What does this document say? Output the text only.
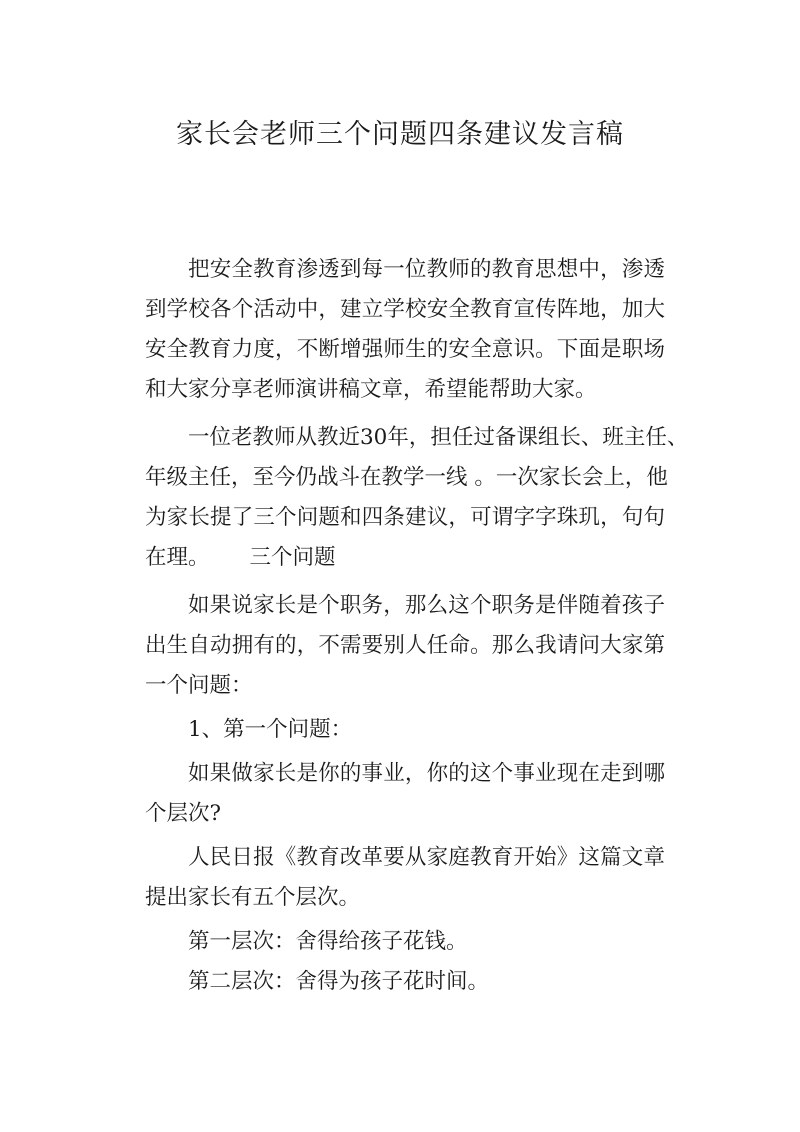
家长会老师三个问题四条建议发言稿

把安全教育渗透到每一位教师的教育思想中，渗透

到学校各个活动中，建立学校安全教育宣传阵地，加大

安全教育力度，不断增强师生的安全意识。下面是职场

和大家分享老师演讲稿文章，希望能帮助大家。

一位老教师从教近30年，担任过备课组长、班主任、

年级主任，至今仍战斗在教学一线 。一次家长会上，他

为家长提了三个问题和四条建议，可谓字字珠玑，句句

在理。 三个问题

如果说家长是个职务，那么这个职务是伴随着孩子

出生自动拥有的，不需要别人任命。那么我请问大家第

一个问题：

1、第一个问题：

如果做家长是你的事业，你的这个事业现在走到哪

个层次?

人民日报《教育改革要从家庭教育开始》这篇文章

提出家长有五个层次。

第一层次：舍得给孩子花钱。

第二层次：舍得为孩子花时间。
